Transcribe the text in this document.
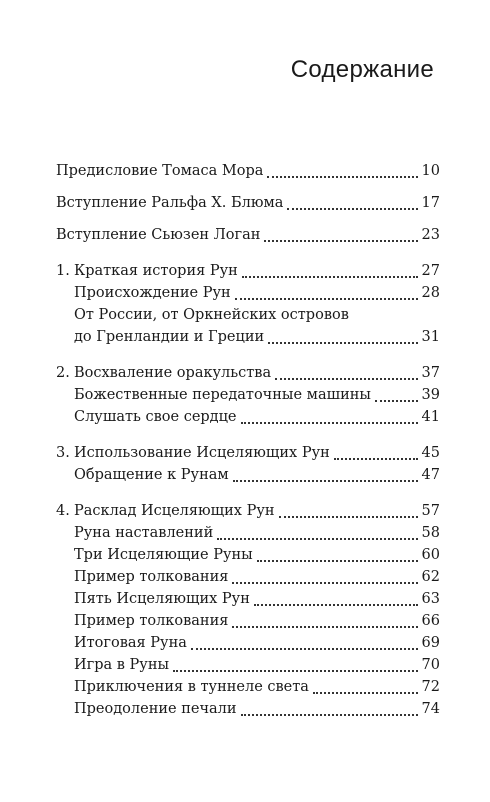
Содержание
Предисловие Томаса Мора	10
Вступление Ральфа Х. Блюма	17
Вступление Сьюзен Логан	23
1. Краткая история Рун	27
Происхождение Рун	28
От России, от Оркнейских островов
до Гренландии и Греции	31
2. Восхваление оракульства	37
Божественные передаточные машины	39
Слушать свое сердце	41
3. Использование Исцеляющих Рун	45
Обращение к Рунам	47
4. Расклад Исцеляющих Рун	57
Руна наставлений	58
Три Исцеляющие Руны	60
Пример толкования	62
Пять Исцеляющих Рун	63
Пример толкования	66
Итоговая Руна	69
Игра в Руны	70
Приключения в туннеле света	72
Преодоление печали	74
